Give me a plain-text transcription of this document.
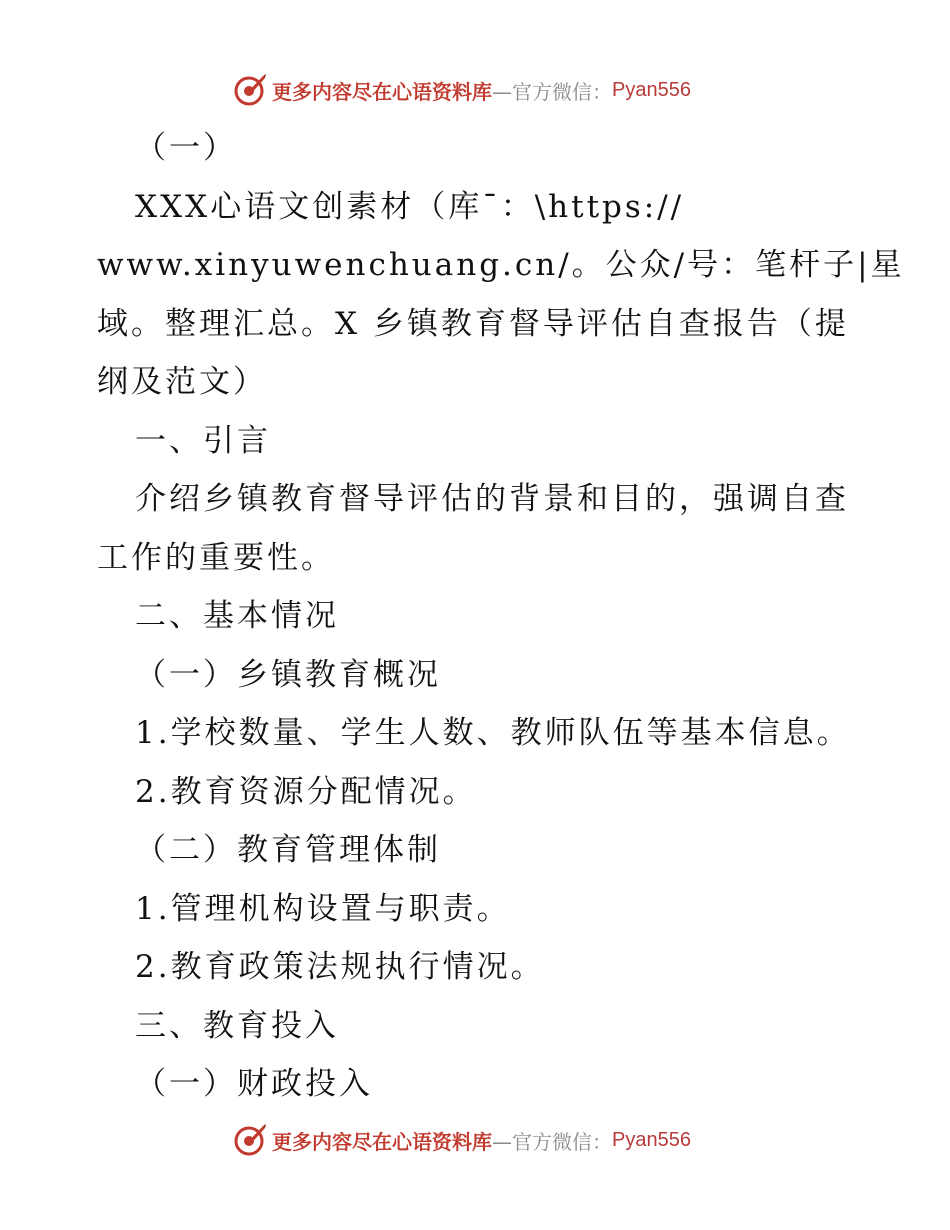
更多内容尽在心语资料库 —官方微信： Pyan556
（一）
XXX心语文创素材（库¯：\https://
www.xinyuwenchuang.cn/。公众/号：笔杆子|星
域。整理汇总。X 乡镇教育督导评估自查报告（提
纲及范文）
一、引言
介绍乡镇教育督导评估的背景和目的，强调自查
工作的重要性。
二、基本情况
（一）乡镇教育概况
1.学校数量、学生人数、教师队伍等基本信息。
2.教育资源分配情况。
（二）教育管理体制
1.管理机构设置与职责。
2.教育政策法规执行情况。
三、教育投入
（一）财政投入
更多内容尽在心语资料库 —官方微信： Pyan556
